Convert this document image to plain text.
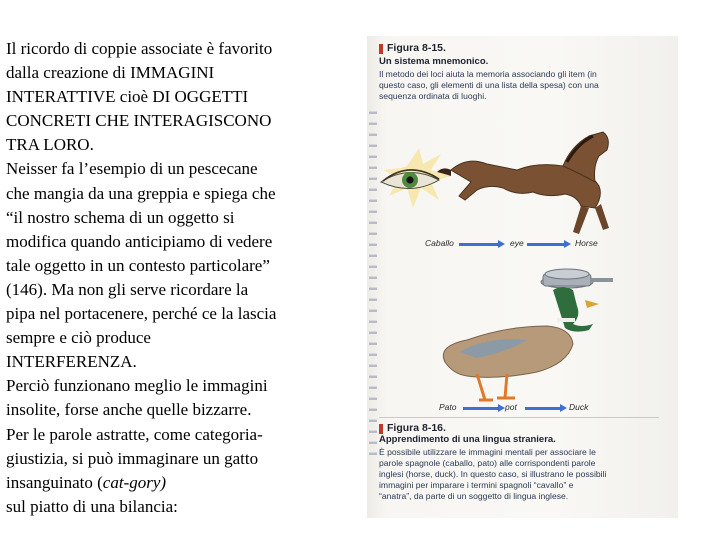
Il ricordo di coppie associate è favorito
dalla creazione di IMMAGINI
INTERATTIVE cioè DI OGGETTI
CONCRETI CHE INTERAGISCONO
TRA LORO.
Neisser fa l’esempio di un pescecane
che mangia da una greppia e spiega che
“il nostro schema di un oggetto si
modifica quando anticipiamo di vedere
tale oggetto in un contesto particolare”
(146). Ma non gli serve ricordare la
pipa nel portacenere, perché ce la lascia
sempre e ciò produce
INTERFERENZA.
Perciò funzionano meglio le immagini
insolite, forse anche quelle bizzarre.
Per le parole astratte, come categoria-
giustizia, si può immaginare un gatto
insanguinato (cat-gory)
sul piatto di una bilancia:
▬
▬
▬
▬
▬
▬
▬
▬
▬
▬
▬
▬
▬
▬
▬
▬
▬
▬
▬
▬
▬
▬
▬
▬
▬
▬
▬
▬
▬
▬
▬
▬
Figura 8-15.
Un sistema mnemonico.
Il metodo dei loci aiuta la memoria associando gli item (in
questo caso, gli elementi di una lista della spesa) con una
sequenza ordinata di luoghi.
Caballo	eye	Horse
Pato	pot	Duck
Figura 8-16.
Apprendimento di una lingua straniera.
È possibile utilizzare le immagini mentali per associare le
parole spagnole (caballo, pato) alle corrispondenti parole
inglesi (horse, duck). In questo caso, si illustrano le possibili
immagini per imparare i termini spagnoli “cavallo” e
“anatra”, da parte di un soggetto di lingua inglese.
